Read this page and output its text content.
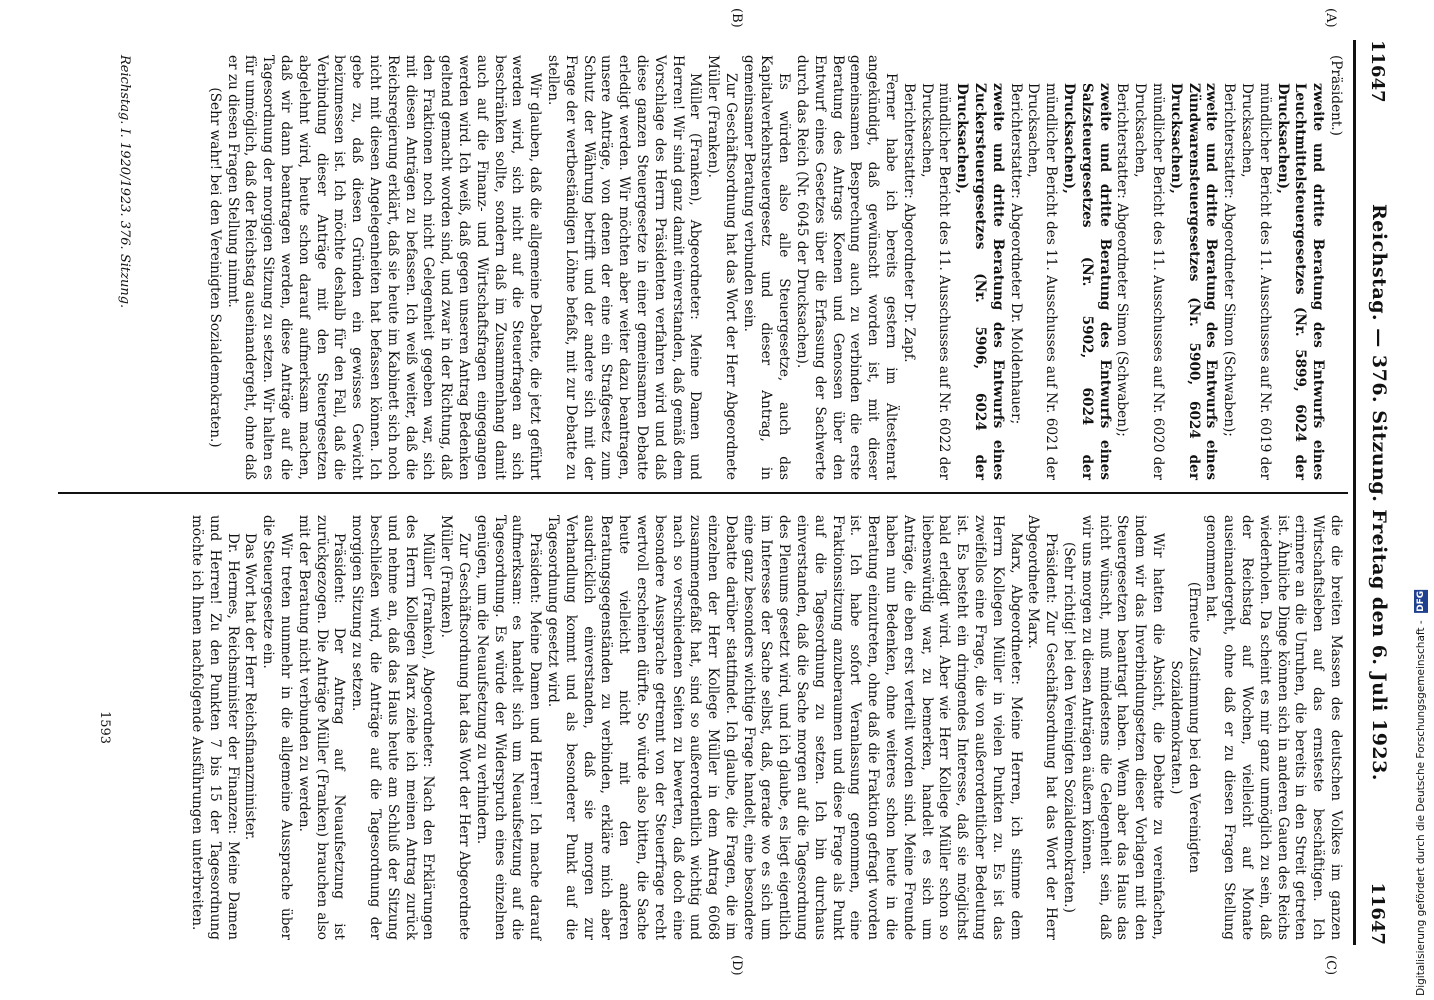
11647
Reichstag. — 376. Sitzung. Freitag den 6. Juli 1923.
11647
(A)
(B)
(C)
(D)

(Präsident.)

zweite und dritte Beratung des Entwurfs eines Leuchtmittelsteuergesetzes (Nr. 5899, 6024 der Drucksachen),

mündlicher Bericht des 11. Ausschusses auf Nr. 6019 der Drucksachen,

Berichterstatter: Abgeordneter Simon (Schwaben);

zweite und dritte Beratung des Entwurfs eines Zündwarensteuergesetzes (Nr. 5900, 6024 der Drucksachen),

mündlicher Bericht des 11. Ausschusses auf Nr. 6020 der Drucksachen,

Berichterstatter: Abgeordneter Simon (Schwaben);

zweite und dritte Beratung des Entwurfs eines Salzsteuergesetzes (Nr. 5902, 6024 der Drucksachen),

mündlicher Bericht des 11. Ausschusses auf Nr. 6021 der Drucksachen,

Berichterstatter: Abgeordneter Dr. Moldenhauer;

zweite und dritte Beratung des Entwurfs eines Zuckersteuergesetzes (Nr. 5906, 6024 der Drucksachen),

mündlicher Bericht des 11. Ausschusses auf Nr. 6022 der Drucksachen,

Berichterstatter: Abgeordneter Dr. Zapf.

Ferner habe ich bereits gestern im Ältestenrat angekündigt, daß gewünscht worden ist, mit dieser gemeinsamen Besprechung auch zu verbinden die erste Beratung des Antrags Koenen und Genossen über den Entwurf eines Gesetzes über die Erfassung der Sachwerte durch das Reich (Nr. 6045 der Drucksachen).

Es würden also alle Steuergesetze, auch das Kapitalverkehrsteuergesetz und dieser Antrag, in gemeinsamer Beratung verbunden sein.

Zur Geschäftsordnung hat das Wort der Herr Abgeordnete Müller (Franken).

Müller (Franken), Abgeordneter: Meine Damen und Herren! Wir sind ganz damit einverstanden, daß gemäß dem Vorschlage des Herrn Präsidenten verfahren wird und daß diese ganzen Steuergesetze in einer gemeinsamen Debatte erledigt werden. Wir möchten aber weiter dazu beantragen, unsere Anträge, von denen der eine ein Strafgesetz zum Schutz der Währung betrifft und der andere sich mit der Frage der wertbeständigen Löhne befaßt, mit zur Debatte zu stellen.

Wir glauben, daß die allgemeine Debatte, die jetzt geführt werden wird, sich nicht auf die Steuerfragen an sich beschränken sollte, sondern daß im Zusammenhang damit auch auf die Finanz- und Wirtschaftsfragen eingegangen werden wird. Ich weiß, daß gegen unseren Antrag Bedenken geltend gemacht worden sind, und zwar in der Richtung, daß den Fraktionen noch nicht Gelegenheit gegeben war, sich mit diesen Anträgen zu befassen. Ich weiß weiter, daß die Reichsregierung erklärt, daß sie heute im Kabinett sich noch nicht mit diesen Angelegenheiten hat befassen können. Ich gebe zu, daß diesen Gründen ein gewisses Gewicht beizumessen ist. Ich möchte deshalb für den Fall, daß die Verbindung dieser Anträge mit den Steuergesetzen abgelehnt wird, heute schon darauf aufmerksam machen, daß wir dann beantragen werden, diese Anträge auf die Tagesordnung der morgigen Sitzung zu setzen. Wir halten es für unmöglich, daß der Reichstag auseinandergeht, ohne daß er zu diesen Fragen Stellung nimmt.

(Sehr wahr! bei den Vereinigten Sozialdemokraten.)

die die breiten Massen des deutschen Volkes im ganzen Wirtschaftsleben auf das ernsteste beschäftigen. Ich erinnere an die Unruhen, die bereits in den Streit getreten ist. Ähnliche Dinge können sich in anderen Gauen des Reichs wiederholen. Da scheint es mir ganz unmöglich zu sein, daß der Reichstag auf Wochen, vielleicht auf Monate auseinandergeht, ohne daß er zu diesen Fragen Stellung genommen hat.

(Erneute Zustimmung bei den Vereinigten Sozialdemokraten.)

Wir hatten die Absicht, die Debatte zu vereinfachen, indem wir das Inverbindungsetzen dieser Vorlagen mit den Steuergesetzen beantragt haben. Wenn aber das Haus das nicht wünscht, muß mindestens die Gelegenheit sein, daß wir uns morgen zu diesen Anträgen äußern können.

(Sehr richtig! bei den Vereinigten Sozialdemokraten.)

Präsident: Zur Geschäftsordnung hat das Wort der Herr Abgeordnete Marx.

Marx, Abgeordneter: Meine Herren, ich stimme dem Herrn Kollegen Müller in vielen Punkten zu. Es ist das zweifellos eine Frage, die von außerordentlicher Bedeutung ist. Es besteht ein dringendes Interesse, daß sie möglichst bald erledigt wird. Aber wie Herr Kollege Müller schon so liebenswürdig war, zu bemerken, handelt es sich um Anträge, die eben erst verteilt worden sind. Meine Freunde haben nun Bedenken, ohne weiteres schon heute in die Beratung einzutreten, ohne daß die Fraktion gefragt worden ist. Ich habe sofort Veranlassung genommen, eine Fraktionssitzung anzuberaumen und diese Frage als Punkt auf die Tagesordnung zu setzen. Ich bin durchaus einverstanden, daß die Sache morgen auf die Tagesordnung des Plenums gesetzt wird, und ich glaube, es liegt eigentlich im Interesse der Sache selbst, daß, gerade wo es sich um eine ganz besonders wichtige Frage handelt, eine besondere Debatte darüber stattfindet. Ich glaube, die Fragen, die im einzelnen der Herr Kollege Müller in dem Antrag 6068 zusammengefaßt hat, sind so außerordentlich wichtig und nach so verschiedenen Seiten zu bewerten, daß doch eine besondere Aussprache getrennt von der Steuerfrage recht wertvoll erscheinen dürfte. So würde also bitten, die Sache heute vielleicht nicht mit den anderen Beratungsgegenständen zu verbinden, erkläre mich aber ausdrücklich einverstanden, daß sie morgen zur Verhandlung kommt und als besonderer Punkt auf die Tagesordnung gesetzt wird.

Präsident: Meine Damen und Herren! Ich mache darauf aufmerksam: es handelt sich um Neuaufsetzung auf die Tagesordnung. Es würde der Widerspruch eines einzelnen genügen, um die Neuaufsetzung zu verhindern.

Zur Geschäftsordnung hat das Wort der Herr Abgeordnete Müller (Franken).

Müller (Franken), Abgeordneter: Nach den Erklärungen des Herrn Kollegen Marx ziehe ich meinen Antrag zurück und nehme an, daß das Haus heute am Schluß der Sitzung beschließen wird, die Anträge auf die Tagesordnung der morgigen Sitzung zu setzen.

Präsident: Der Antrag auf Neuaufsetzung ist zurückgezogen. Die Anträge Müller (Franken) brauchen also mit der Beratung nicht verbunden zu werden.

Wir treten nunmehr in die allgemeine Aussprache über die Steuergesetze ein.

Das Wort hat der Herr Reichsfinanzminister.

Dr. Hermes, Reichsminister der Finanzen: Meine Damen und Herren! Zu den Punkten 7 bis 15 der Tagesordnung möchte ich Ihnen nachfolgende Ausführungen unterbreiten.

Reichstag. I. 1920/1923. 376. Sitzung.
1593	Digitalisierung gefördert durch die Deutsche Forschungsgemeinschaft - DFG
